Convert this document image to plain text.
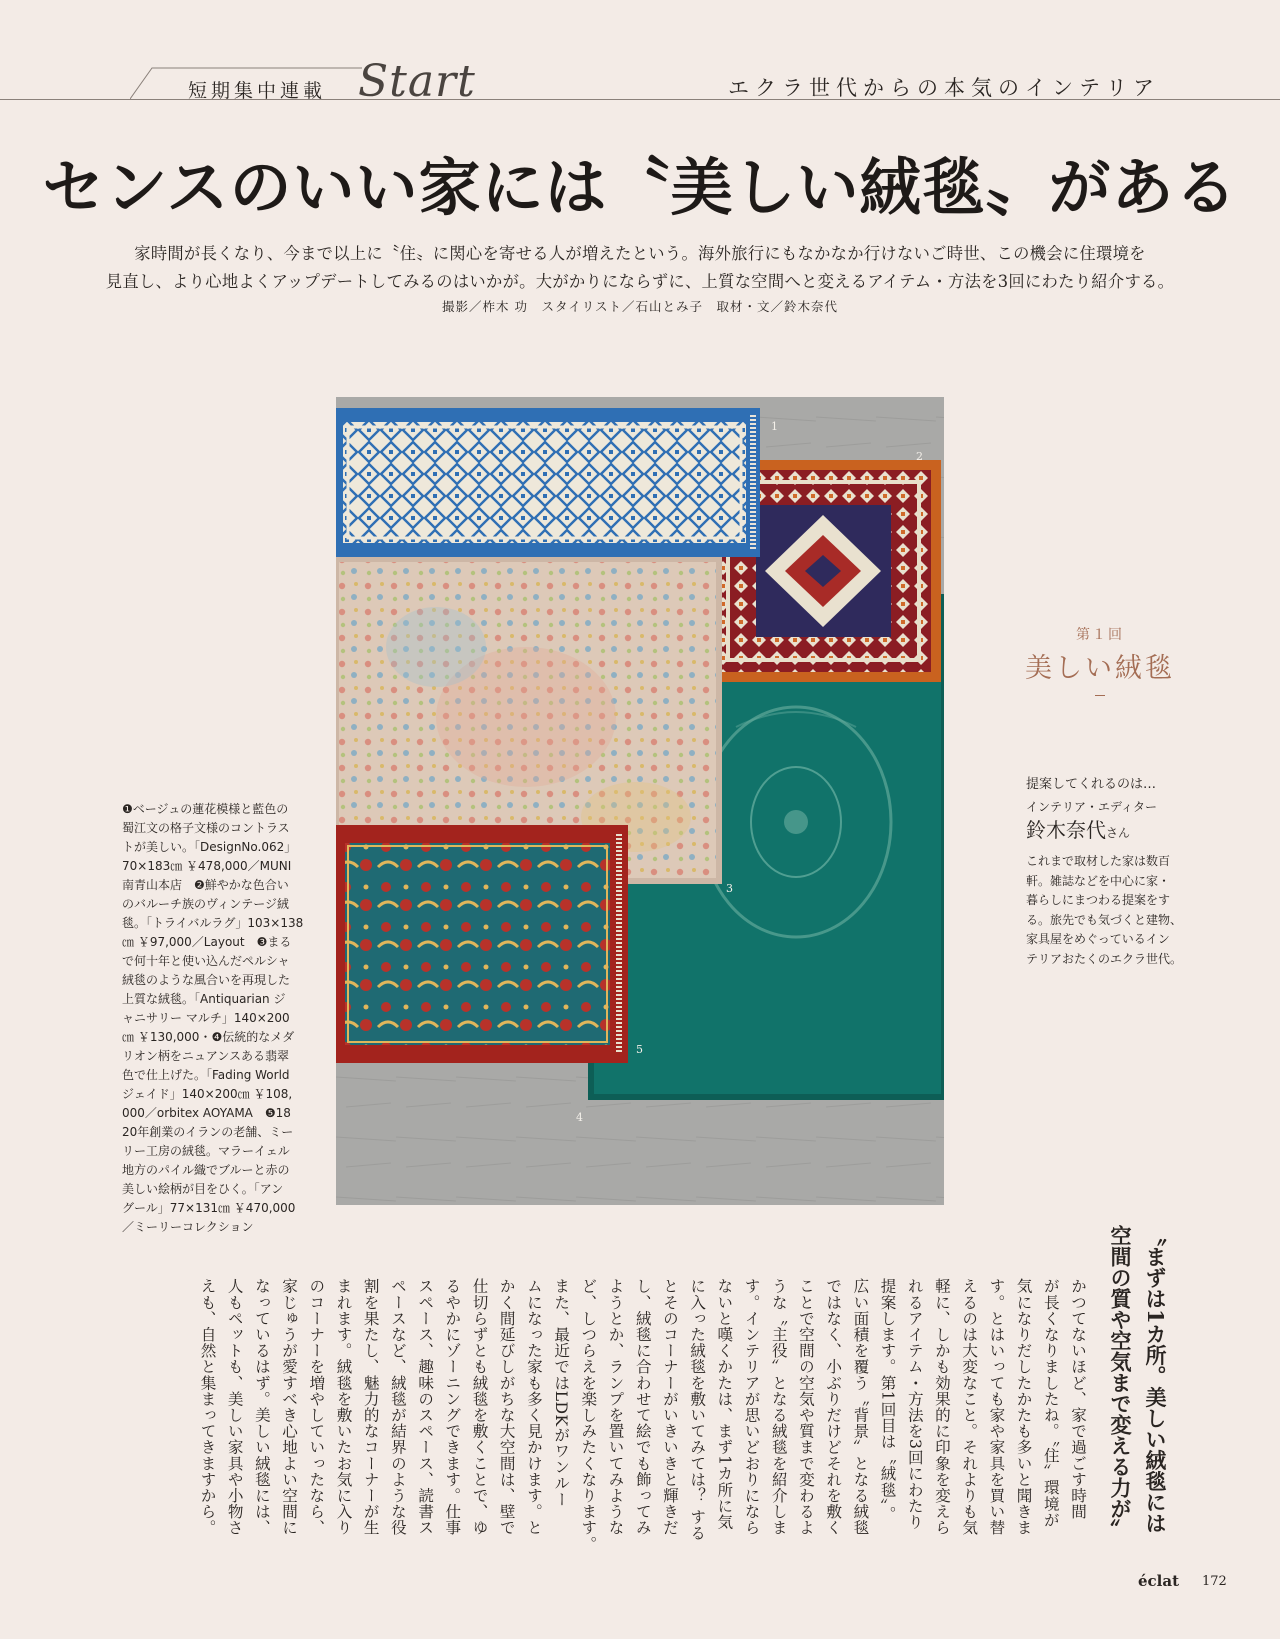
短期集中連載 Start	エクラ世代からの本気のインテリア
センスのいい家には〝美しい絨毯〟がある
家時間が長くなり、今まで以上に〝住〟に関心を寄せる人が増えたという。海外旅行にもなかなか行けないご時世、この機会に住環境を
見直し、より心地よくアップデートしてみるのはいかが。大がかりにならずに、上質な空間へと変えるアイテム・方法を3回にわたり紹介する。
撮影／柞木 功　スタイリスト／石山とみ子　取材・文／鈴木奈代
1
2
3
4
5

❶ベージュの蓮花模様と藍色の

蜀江文の格子文様のコントラス

トが美しい。「DesignNo.062」

70×183㎝ ￥478,000／MUNI

南青山本店　❷鮮やかな色合い

のバルーチ族のヴィンテージ絨

毯。「トライバルラグ」103×138

㎝ ￥97,000／Layout　❸まる

で何十年と使い込んだペルシャ

絨毯のような風合いを再現した

上質な絨毯。「Antiquarian ジ

ャニサリー マルチ」140×200

㎝ ￥130,000・❹伝統的なメダ

リオン柄をニュアンスある翡翠

色で仕上げた。「Fading World

ジェイド」140×200㎝ ￥108,

000／orbitex AOYAMA　❺18

20年創業のイランの老舗、ミー

リー工房の絨毯。マラーイェル

地方のパイル織でブルーと赤の

美しい絵柄が目をひく。「アン

グール」77×131㎝ ￥470,000

／ミーリーコレクション

第１回
美しい絨毯
提案してくれるのは…
インテリア・エディター
鈴木奈代さん

これまで取材した家は数百

軒。雑誌などを中心に家・

暮らしにまつわる提案をす

る。旅先でも気づくと建物、

家具屋をめぐっているイン

テリアおたくのエクラ世代。

〝まずは1カ所。美しい絨毯には
空間の質や空気まで変える力が〟
かつてないほど、家で過ごす時間
が長くなりましたね。〝住〟環境が
気になりだしたかたも多いと聞きま
す。とはいっても家や家具を買い替
えるのは大変なこと。それよりも気
軽に、しかも効果的に印象を変えら
れるアイテム・方法を3回にわたり
提案します。第1回目は〝絨毯〟。
広い面積を覆う〝背景〟となる絨毯
ではなく、小ぶりだけどそれを敷く
ことで空間の空気や質まで変わるよ
うな〝主役〟となる絨毯を紹介しま
す。インテリアが思いどおりになら
ないと嘆くかたは、まず1カ所に気
に入った絨毯を敷いてみては？ する
とそのコーナーがいきいきと輝きだ
し、絨毯に合わせて絵でも飾ってみ
ようとか、ランプを置いてみような
ど、しつらえを楽しみたくなります。
また、最近ではLDKがワンルー
ムになった家も多く見かけます。と
かく間延びしがちな大空間は、壁で
仕切らずとも絨毯を敷くことで、ゆ
るやかにゾーニングできます。仕事
スペース、趣味のスペース、読書ス
ペースなど、絨毯が結界のような役
割を果たし、魅力的なコーナーが生
まれます。絨毯を敷いたお気に入り
のコーナーを増やしていったなら、
家じゅうが愛すべき心地よい空間に
なっているはず。美しい絨毯には、
人もペットも、美しい家具や小物さ
えも、自然と集まってきますから。
éclat 172
